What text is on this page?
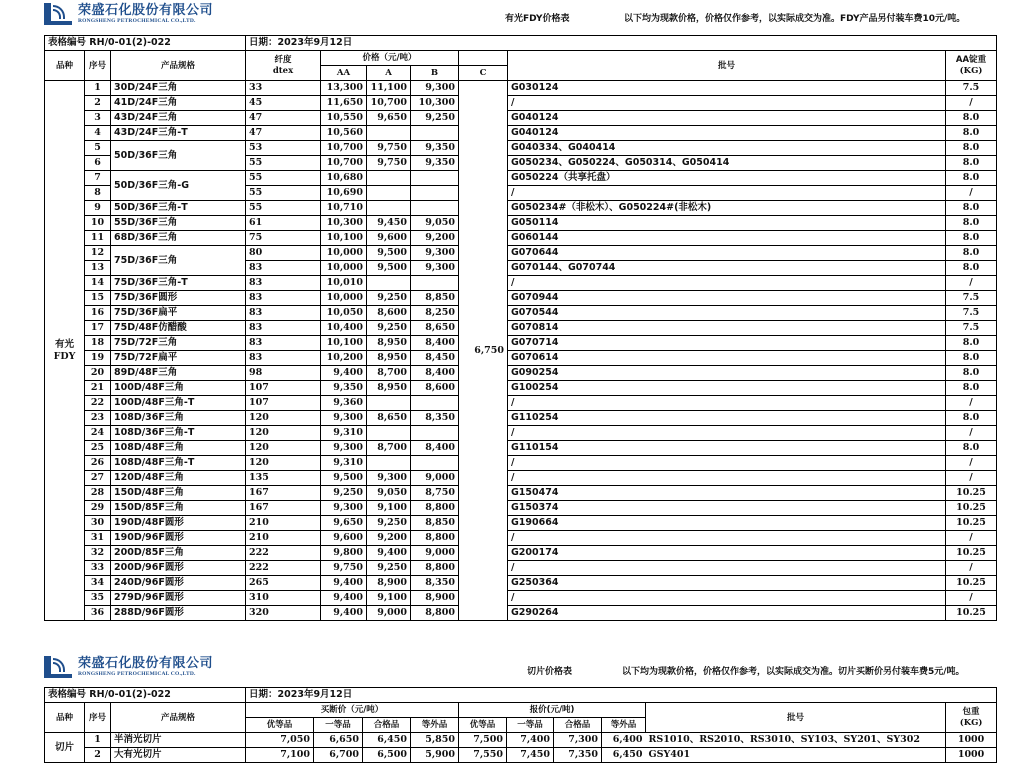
荣盛石化股份有限公司
RONGSHENG PETROCHEMICAL CO.,LTD.	有光FDY价格表	以下均为现款价格，价格仅作参考，以实际成交为准。FDY产品另付装车费10元/吨。
表格编号 RH/0-01(2)-022			日期：2023年9月12日						
品种	序号	产品规格	
纤度
dtex
	价格（元/吨）		批号	
AA锭重
(KG)

				AA	A	B	C		

有光
FDY	1	30D/24F三角	33	13,300	11,100	9,300	6,750	G030124	7.5
	2	41D/24F三角	45	11,650	10,700	10,300		/	/
	3	43D/24F三角	47	10,550	9,650	9,250		G040124	8.0
	4	43D/24F三角-T	47	10,560				G040124	8.0
	5	50D/36F三角	53	10,700	9,750	9,350		G040334、G040414	8.0
	6		55	10,700	9,750	9,350		G050234、G050224、G050314、G050414	8.0
	7	50D/36F三角-G	55	10,680				G050224（共享托盘）	8.0
	8		55	10,690				/	/
	9	50D/36F三角-T	55	10,710				G050234#（非松木）、G050224#(非松木)	8.0
	10	55D/36F三角	61	10,300	9,450	9,050		G050114	8.0
	11	68D/36F三角	75	10,100	9,600	9,200		G060144	8.0
	12	75D/36F三角	80	10,000	9,500	9,300		G070644	8.0
	13		83	10,000	9,500	9,300		G070144、G070744	8.0
	14	75D/36F三角-T	83	10,010				/	/
	15	75D/36F圆形	83	10,000	9,250	8,850		G070944	7.5
	16	75D/36F扁平	83	10,050	8,600	8,250		G070544	7.5
	17	75D/48F仿醋酸	83	10,400	9,250	8,650		G070814	7.5
	18	75D/72F三角	83	10,100	8,950	8,400		G070714	8.0
	19	75D/72F扁平	83	10,200	8,950	8,450		G070614	8.0
	20	89D/48F三角	98	9,400	8,700	8,400		G090254	8.0
	21	100D/48F三角	107	9,350	8,950	8,600		G100254	8.0
	22	100D/48F三角-T	107	9,360				/	/
	23	108D/36F三角	120	9,300	8,650	8,350		G110254	8.0
	24	108D/36F三角-T	120	9,310				/	/
	25	108D/48F三角	120	9,300	8,700	8,400		G110154	8.0
	26	108D/48F三角-T	120	9,310				/	/
	27	120D/48F三角	135	9,500	9,300	9,000		/	/
	28	150D/48F三角	167	9,250	9,050	8,750		G150474	10.25
	29	150D/85F三角	167	9,300	9,100	8,800		G150374	10.25
	30	190D/48F圆形	210	9,650	9,250	8,850		G190664	10.25
	31	190D/96F圆形	210	9,600	9,200	8,800		/	/
	32	200D/85F三角	222	9,800	9,400	9,000		G200174	10.25
	33	200D/96F圆形	222	9,750	9,250	8,800		/	/
	34	240D/96F圆形	265	9,400	8,900	8,350		G250364	10.25
	35	279D/96F圆形	310	9,400	9,100	8,900		/	/
	36	288D/96F圆形	320	9,400	9,000	8,800		G290264	10.25
荣盛石化股份有限公司
RONGSHENG PETROCHEMICAL CO.,LTD.	切片价格表	以下均为现款价格，价格仅作参考，以实际成交为准。切片买断价另付装车费5元/吨。
表格编号 RH/0-01(2)-022			日期：2023年9月12日									
品种	序号	产品规格	买断价（元/吨）				报价(元/吨)				批号	包重
(KG)

			优等品	一等品	合格品	等外品	优等品	一等品	合格品	等外品		
切片	1	半消光切片	7,050	6,650	6,450	5,850	7,500	7,400	7,300	6,400	RS1010、RS2010、RS3010、SY103、SY201、SY302	1000
	2	大有光切片	7,100	6,700	6,500	5,900	7,550	7,450	7,350	6,450	GSY401	1000
